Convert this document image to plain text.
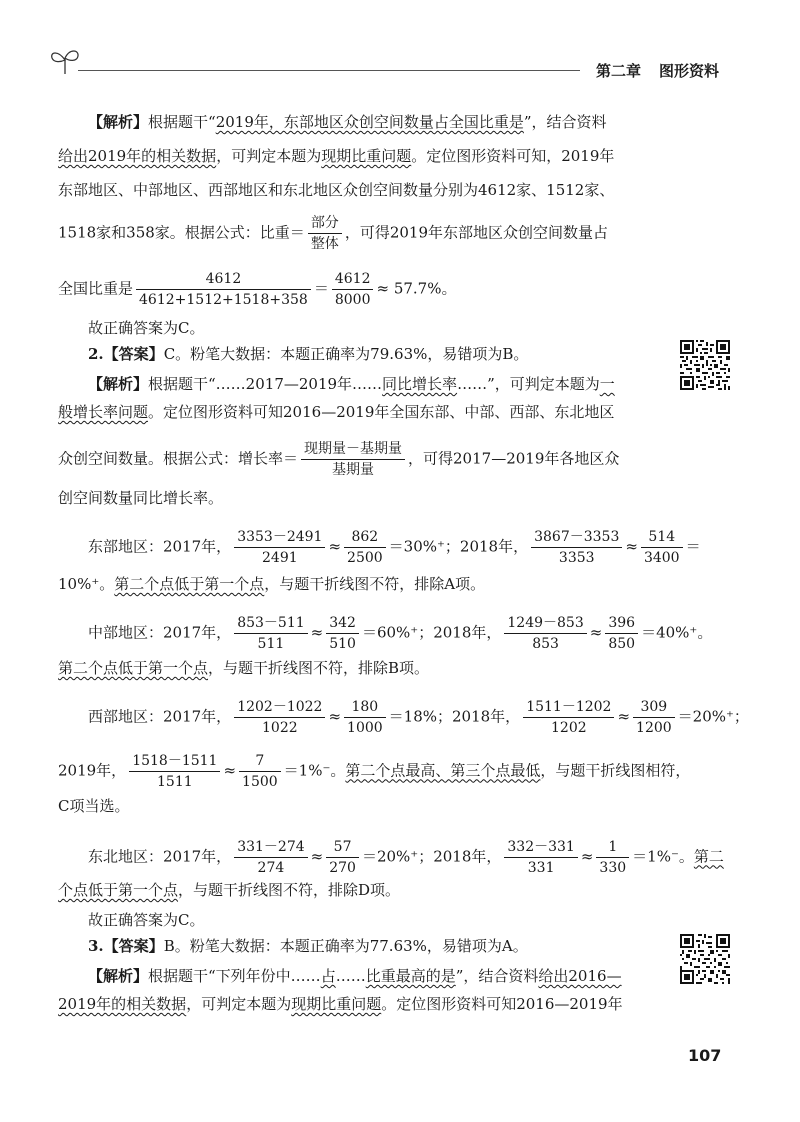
第二章 图形资料
【解析】根据题干“2019年，东部地区众创空间数量占全国比重是”，结合资料
给出2019年的相关数据，可判定本题为现期比重问题。定位图形资料可知，2019年
东部地区、中部地区、西部地区和东北地区众创空间数量分别为4612家、1512家、
1518家和358家。根据公式：比重＝ $\frac{\text{部分}}{\text{整体}}$ ，可得2019年东部地区众创空间数量占
全国比重是 $\frac{4612}{4612+1512+1518+358} = \frac{4612}{8000} \approx 57.7\%$。
故正确答案为C。
2.【答案】C。粉笔大数据：本题正确率为79.63%，易错项为B。
【解析】根据题干“……2017—2019年……同比增长率……”，可判定本题为一
般增长率问题。定位图形资料可知2016—2019年全国东部、中部、西部、东北地区
众创空间数量。根据公式：增长率＝ $\frac{\text{现期量－基期量}}{\text{基期量}}$ ，可得2017—2019年各地区众
创空间数量同比增长率。
东部地区：2017年， $\frac{3353-2491}{2491} \approx \frac{862}{2500} =30\%^+$；2018年， $\frac{3867-3353}{3353} \approx \frac{514}{3400}$ ＝
10%⁺。第二个点低于第一个点，与题干折线图不符，排除A项。
中部地区：2017年， $\frac{853-511}{511} \approx \frac{342}{510} =60\%^+$；2018年， $\frac{1249-853}{853} \approx \frac{396}{850} =40\%^+$。
第二个点低于第一个点，与题干折线图不符，排除B项。
西部地区：2017年， $\frac{1202-1022}{1022} \approx \frac{180}{1000} =18\%$；2018年， $\frac{1511-1202}{1202} \approx \frac{309}{1200} =20\%^+$；
2019年， $\frac{1518-1511}{1511} \approx \frac{7}{1500} =1\%^-$。第二个点最高、第三个点最低，与题干折线图相符，
C项当选。
东北地区：2017年， $\frac{331-274}{274} \approx \frac{57}{270} =20\%^+$；2018年， $\frac{332-331}{331} \approx \frac{1}{330} =1\%^-$。第二
个点低于第一个点，与题干折线图不符，排除D项。
故正确答案为C。
3.【答案】B。粉笔大数据：本题正确率为77.63%，易错项为A。
【解析】根据题干“下列年份中……占……比重最高的是”，结合资料给出2016—
2019年的相关数据，可判定本题为现期比重问题。定位图形资料可知2016—2019年
107
